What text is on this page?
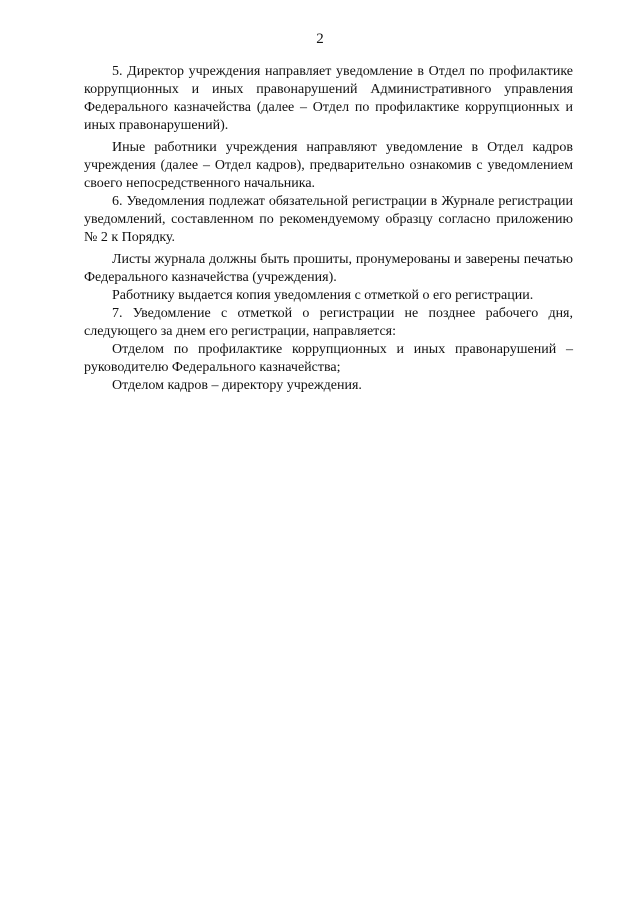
2

5. Директор учреждения направляет уведомление в Отдел по профилактике коррупционных и иных правонарушений Административного управления Федерального казначейства (далее – Отдел по профилактике коррупционных и иных правонарушений).

Иные работники учреждения направляют уведомление в Отдел кадров учреждения (далее – Отдел кадров), предварительно ознакомив с уведомлением своего непосредственного начальника.

6. Уведомления подлежат обязательной регистрации в Журнале регистрации уведомлений, составленном по рекомендуемому образцу согласно приложению № 2 к Порядку.

Листы журнала должны быть прошиты, пронумерованы и заверены печатью Федерального казначейства (учреждения).

Работнику выдается копия уведомления с отметкой о его регистрации.

7. Уведомление с отметкой о регистрации не позднее рабочего дня, следующего за днем его регистрации, направляется:

Отделом по профилактике коррупционных и иных правонарушений – руководителю Федерального казначейства;

Отделом кадров – директору учреждения.
